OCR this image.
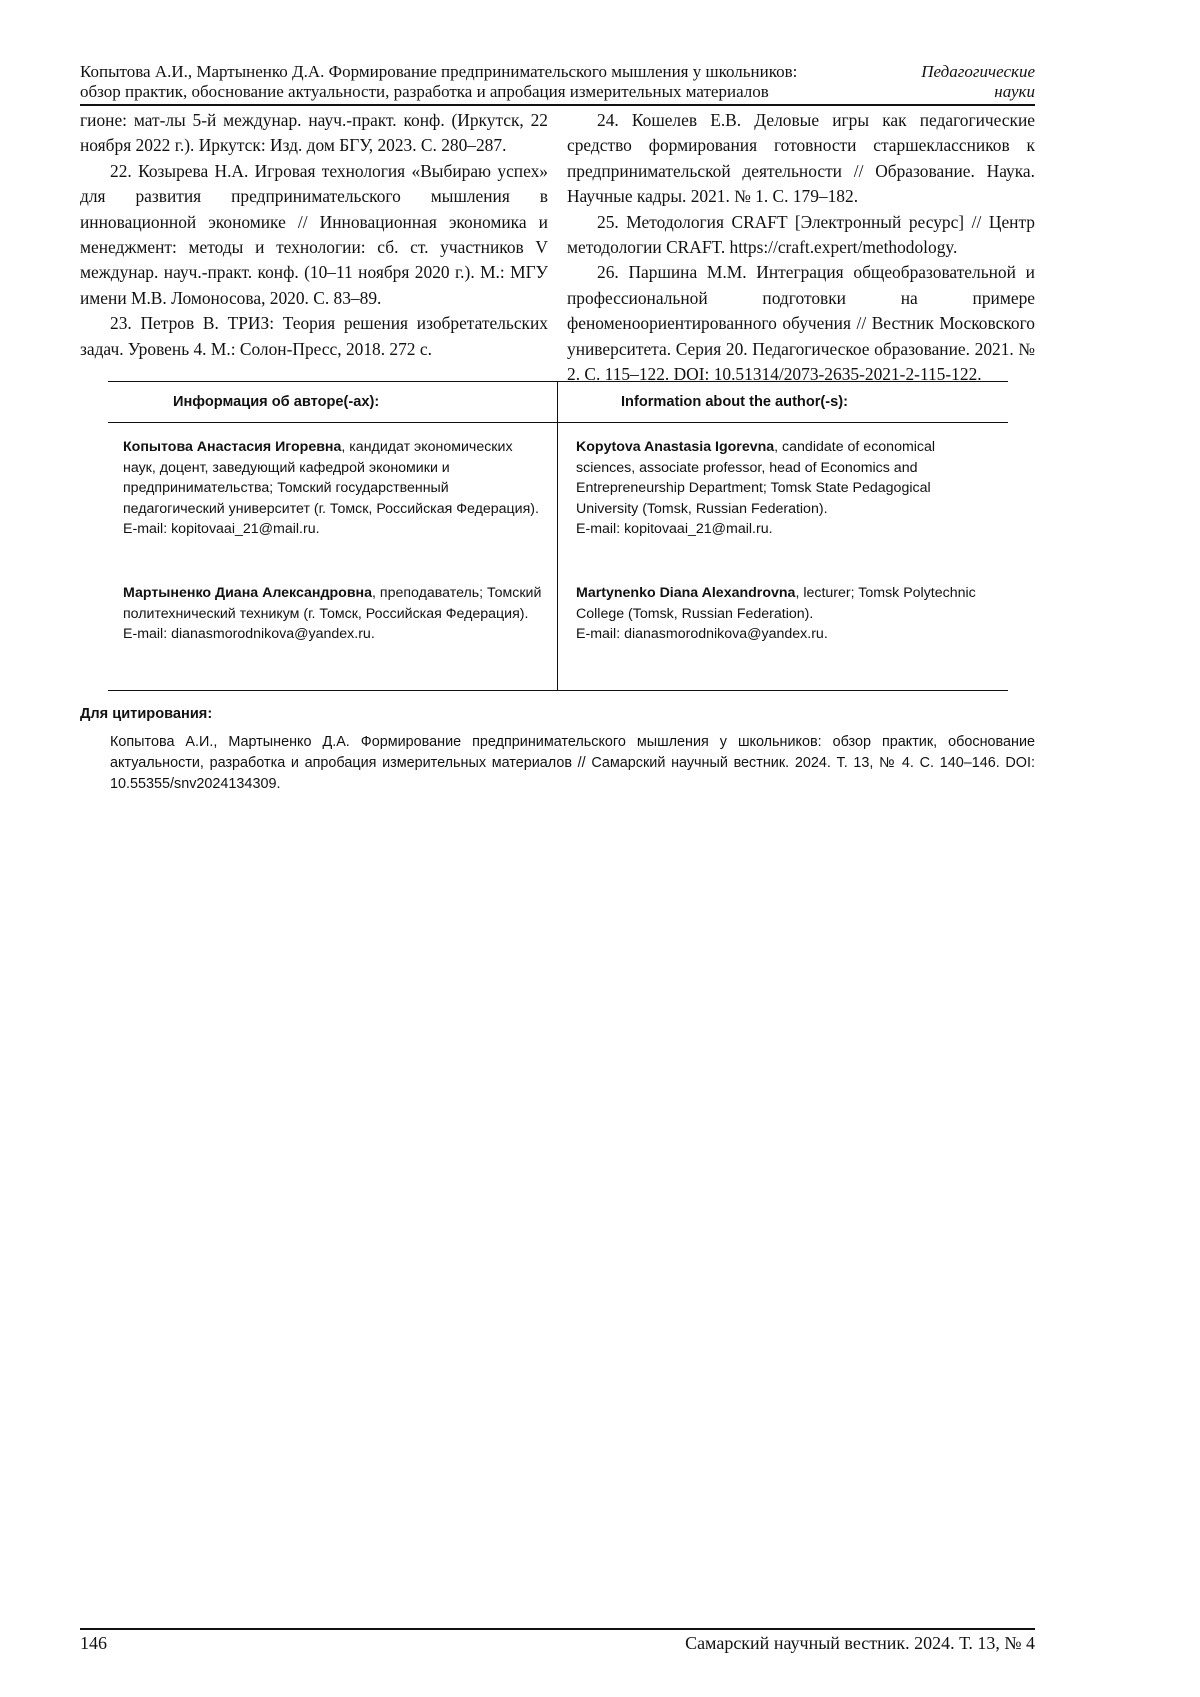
Копытова А.И., Мартыненко Д.А. Формирование предпринимательского мышления у школьников:
обзор практик, обоснование актуальности, разработка и апробация измерительных материалов
Педагогические
науки

гионе: мат-лы 5-й междунар. науч.-практ. конф. (Иркутск, 22 ноября 2022 г.). Иркутск: Изд. дом БГУ, 2023. С. 280–287.

22. Козырева Н.А. Игровая технология «Выбираю успех» для развития предпринимательского мышления в инновационной экономике // Инновационная экономика и менеджмент: методы и технологии: сб. ст. участников V междунар. науч.-практ. конф. (10–11 ноября 2020 г.). М.: МГУ имени М.В. Ломоносова, 2020. С. 83–89.

23. Петров В. ТРИЗ: Теория решения изобретательских задач. Уровень 4. М.: Солон-Пресс, 2018. 272 с.

24. Кошелев Е.В. Деловые игры как педагогические средство формирования готовности старшеклассников к предпринимательской деятельности // Образование. Наука. Научные кадры. 2021. № 1. С. 179–182.

25. Методология CRAFT [Электронный ресурс] // Центр методологии CRAFT. https://craft.expert/methodology.

26. Паршина М.М. Интеграция общеобразовательной и профессиональной подготовки на примере феноменоориентированного обучения // Вестник Московского университета. Серия 20. Педагогическое образование. 2021. № 2. С. 115–122. DOI: 10.51314/2073-2635-2021-2-115-122.

Информация об авторе(-ах):	Information about the author(-s):
Копытова Анастасия Игоревна, кандидат экономических наук, доцент, заведующий кафедрой экономики и предпринимательства; Томский государственный педагогический университет (г. Томск, Российская Федерация).
E-mail: kopitovaai_21@mail.ru.
Мартыненко Диана Александровна, преподаватель; Томский политехнический техникум (г. Томск, Российская Федерация).
E-mail: dianasmorodnikova@yandex.ru.
Kopytova Anastasia Igorevna, candidate of economical sciences, associate professor, head of Economics and Entrepreneurship Department; Tomsk State Pedagogical University (Tomsk, Russian Federation).
E-mail: kopitovaai_21@mail.ru.
Martynenko Diana Alexandrovna, lecturer; Tomsk Polytechnic College (Tomsk, Russian Federation).
E-mail: dianasmorodnikova@yandex.ru.
Для цитирования:
Копытова А.И., Мартыненко Д.А. Формирование предпринимательского мышления у школьников: обзор практик, обоснование актуальности, разработка и апробация измерительных материалов // Самарский научный вестник. 2024. Т. 13, № 4. С. 140–146. DOI: 10.55355/snv2024134309.
146	Самарский научный вестник. 2024. Т. 13, № 4
